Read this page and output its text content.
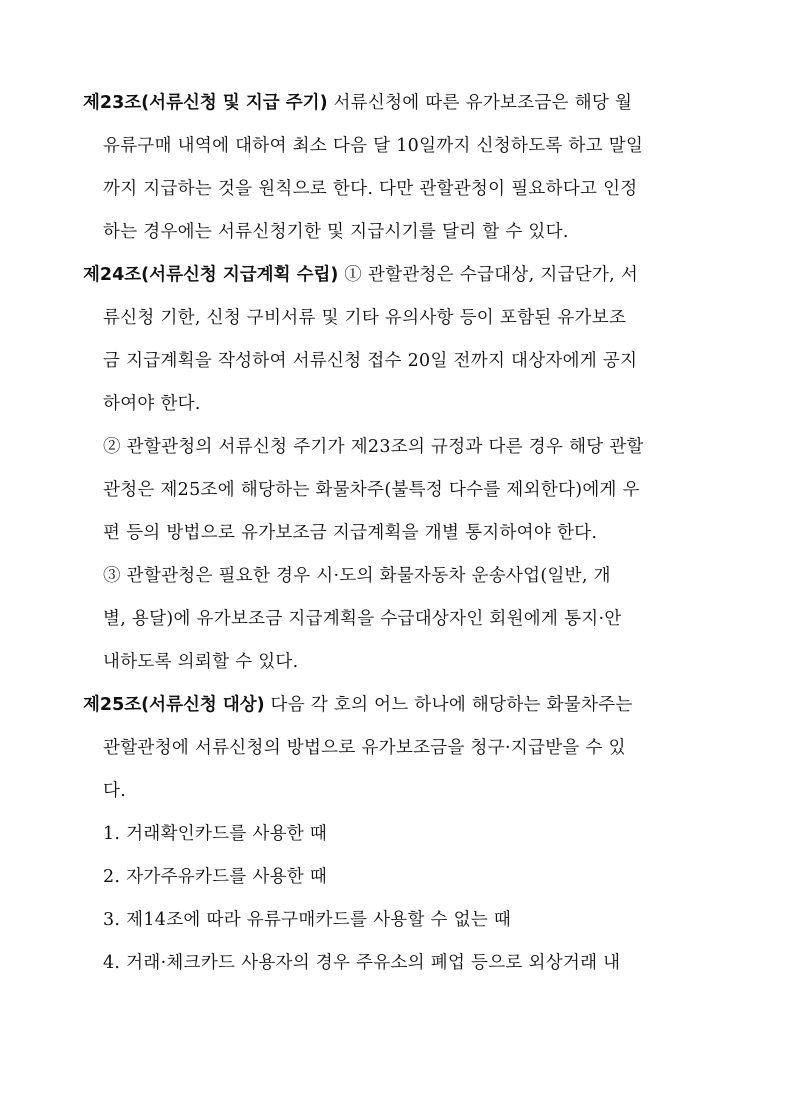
제23조(서류신청 및 지급 주기) 서류신청에 따른 유가보조금은 해당 월
유류구매 내역에 대하여 최소 다음 달 10일까지 신청하도록 하고 말일
까지 지급하는 것을 원칙으로 한다. 다만 관할관청이 필요하다고 인정
하는 경우에는 서류신청기한 및 지급시기를 달리 할 수 있다.
제24조(서류신청 지급계획 수립) ① 관할관청은 수급대상, 지급단가, 서
류신청 기한, 신청 구비서류 및 기타 유의사항 등이 포함된 유가보조
금 지급계획을 작성하여 서류신청 접수 20일 전까지 대상자에게 공지
하여야 한다.
② 관할관청의 서류신청 주기가 제23조의 규정과 다른 경우 해당 관할
관청은 제25조에 해당하는 화물차주(불특정 다수를 제외한다)에게 우
편 등의 방법으로 유가보조금 지급계획을 개별 통지하여야 한다.
③ 관할관청은 필요한 경우 시·도의 화물자동차 운송사업(일반, 개
별, 용달)에 유가보조금 지급계획을 수급대상자인 회원에게 통지·안
내하도록 의뢰할 수 있다.
제25조(서류신청 대상) 다음 각 호의 어느 하나에 해당하는 화물차주는
관할관청에 서류신청의 방법으로 유가보조금을 청구·지급받을 수 있
다.
1. 거래확인카드를 사용한 때
2. 자가주유카드를 사용한 때
3. 제14조에 따라 유류구매카드를 사용할 수 없는 때
4. 거래·체크카드 사용자의 경우 주유소의 폐업 등으로 외상거래 내
